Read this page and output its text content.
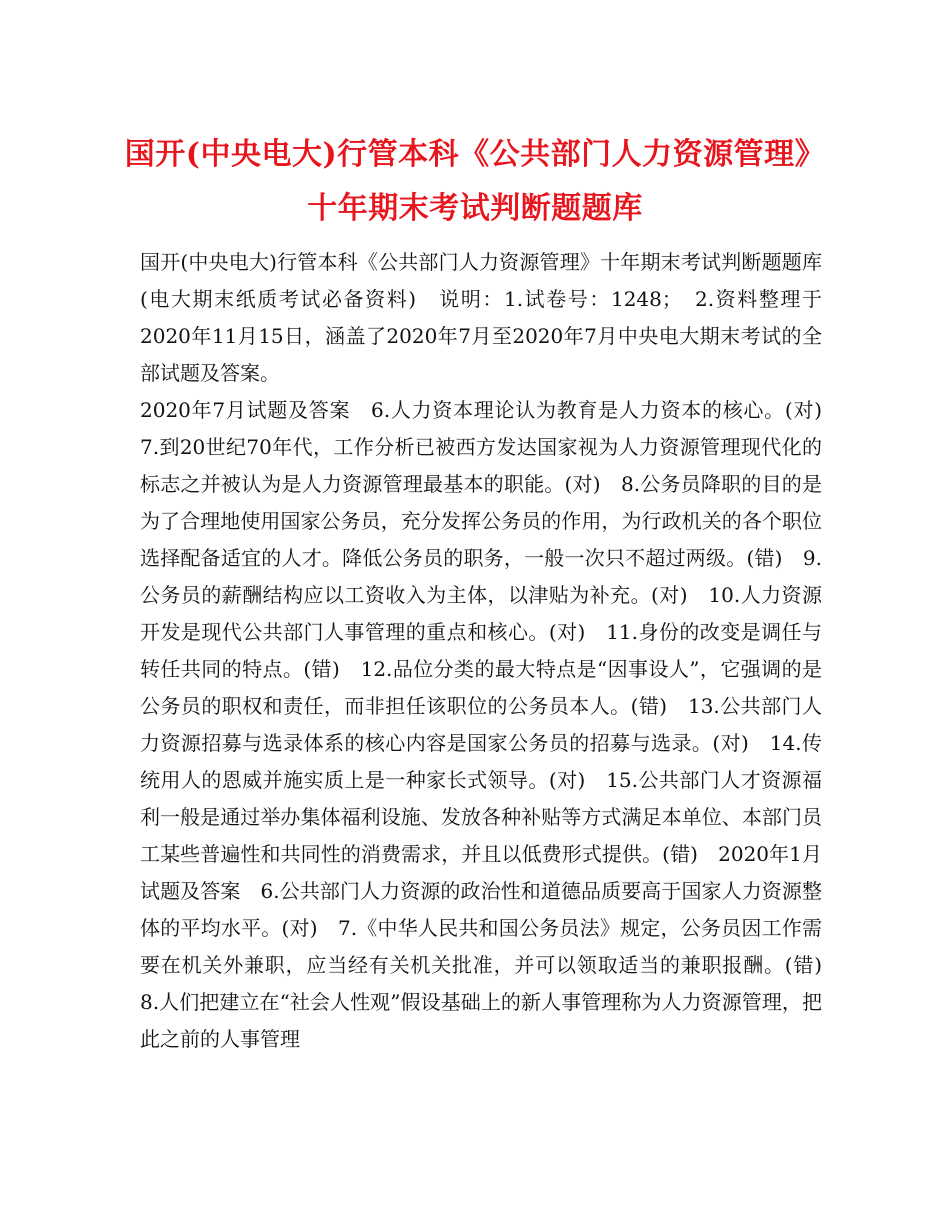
国开(中央电大)行管本科《公共部门人力资源管理》十年期末考试判断题题库

国开(中央电大)行管本科《公共部门人力资源管理》十年期末考试判断题题库　(电大期末纸质考试必备资料)　说明：1.试卷号：1248；　2.资料整理于2020年11月15日，涵盖了2020年7月至2020年7月中央电大期末考试的全部试题及答案。

2020年7月试题及答案　6.人力资本理论认为教育是人力资本的核心。(对)　7.到20世纪70年代，工作分析已被西方发达国家视为人力资源管理现代化的标志之并被认为是人力资源管理最基本的职能。(对)　8.公务员降职的目的是为了合理地使用国家公务员，充分发挥公务员的作用，为行政机关的各个职位选择配备适宜的人才。降低公务员的职务，一般一次只不超过两级。(错)　9.公务员的薪酬结构应以工资收入为主体，以津贴为补充。(对)　10.人力资源开发是现代公共部门人事管理的重点和核心。(对)　11.身份的改变是调任与转任共同的特点。(错)　12.品位分类的最大特点是“因事设人”，它强调的是公务员的职权和责任，而非担任该职位的公务员本人。(错)　13.公共部门人力资源招募与选录体系的核心内容是国家公务员的招募与选录。(对)　14.传统用人的恩威并施实质上是一种家长式领导。(对)　15.公共部门人才资源福利一般是通过举办集体福利设施、发放各种补贴等方式满足本单位、本部门员工某些普遍性和共同性的消费需求，并且以低费形式提供。(错)　2020年1月试题及答案　6.公共部门人力资源的政治性和道德品质要高于国家人力资源整体的平均水平。(对)　7.《中华人民共和国公务员法》规定，公务员因工作需要在机关外兼职，应当经有关机关批准，并可以领取适当的兼职报酬。(错)　8.人们把建立在“社会人性观”假设基础上的新人事管理称为人力资源管理，把此之前的人事管理
